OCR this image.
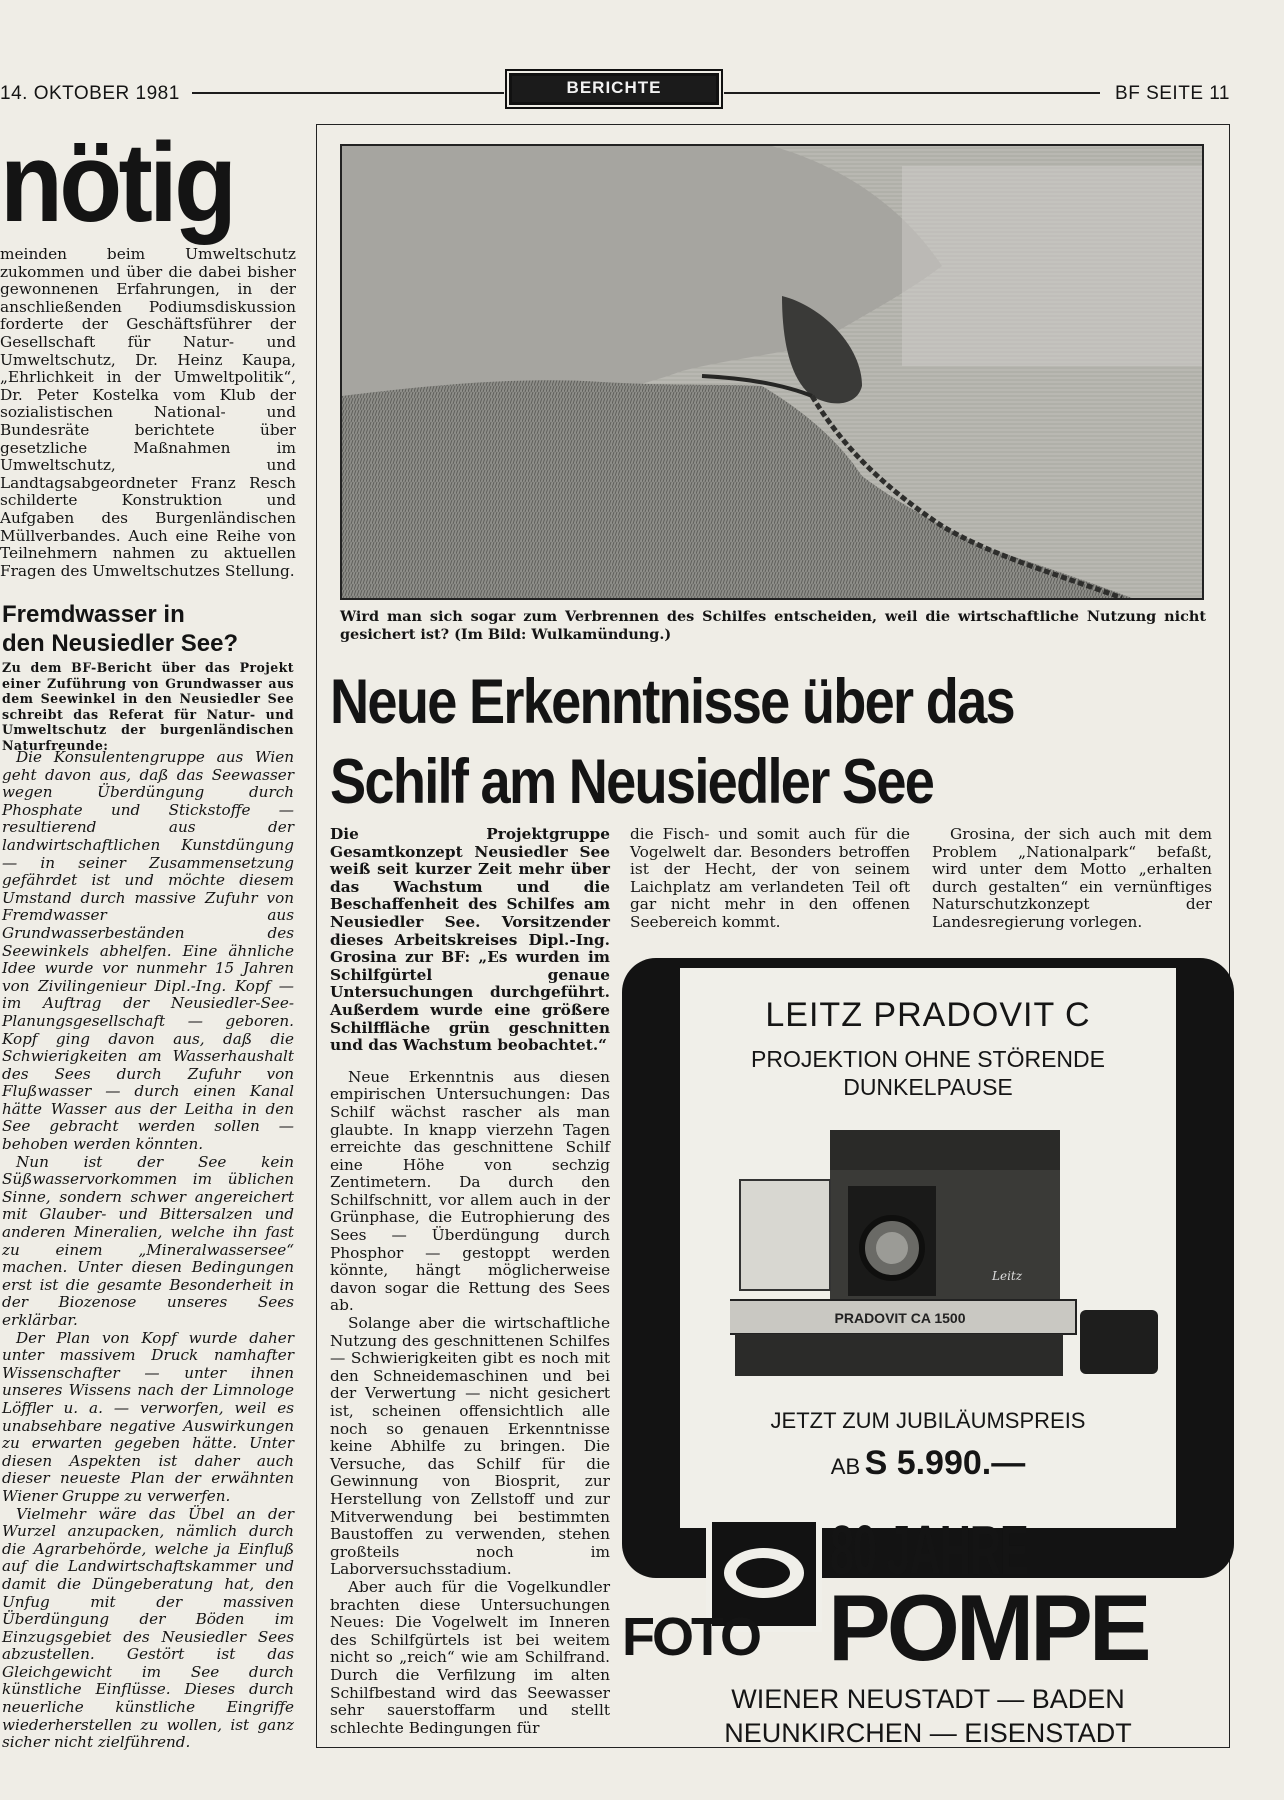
14. OKTOBER 1981	BERICHTE	BF SEITE 11
nötig

meinden beim Umweltschutz zukommen und über die dabei bisher gewonnenen Erfahrungen, in der anschließenden Podiumsdiskussion forderte der Geschäftsführer der Gesellschaft für Natur- und Umweltschutz, Dr. Heinz Kaupa, „Ehrlichkeit in der Umweltpolitik“, Dr. Peter Kostelka vom Klub der sozialistischen National- und Bundesräte berichtete über gesetzliche Maßnahmen im Umweltschutz, und Landtagsabgeordneter Franz Resch schilderte Konstruktion und Aufgaben des Burgenländischen Müllverbandes. Auch eine Reihe von Teilnehmern nahmen zu aktuellen Fragen des Umweltschutzes Stellung.

Fremdwasser in
den Neusiedler See?
Zu dem BF-Bericht über das Projekt einer Zuführung von Grundwasser aus dem Seewinkel in den Neusiedler See schreibt das Referat für Natur- und Umweltschutz der burgenländischen Naturfreunde:

Die Konsulentengruppe aus Wien geht davon aus, daß das Seewasser wegen Überdüngung durch Phosphate und Stickstoffe — resultierend aus der landwirtschaftlichen Kunstdüngung — in seiner Zusammensetzung gefährdet ist und möchte diesem Umstand durch massive Zufuhr von Fremdwasser aus Grundwasserbeständen des Seewinkels abhelfen. Eine ähnliche Idee wurde vor nunmehr 15 Jahren von Zivilingenieur Dipl.-Ing. Kopf — im Auftrag der Neusiedler-See-Planungsgesellschaft — geboren. Kopf ging davon aus, daß die Schwierigkeiten am Wasserhaushalt des Sees durch Zufuhr von Flußwasser — durch einen Kanal hätte Wasser aus der Leitha in den See gebracht werden sollen — behoben werden könnten.

Nun ist der See kein Süßwasservorkommen im üblichen Sinne, sondern schwer angereichert mit Glauber- und Bittersalzen und anderen Mineralien, welche ihn fast zu einem „Mineralwassersee“ machen. Unter diesen Bedingungen erst ist die gesamte Besonderheit in der Biozenose unseres Sees erklärbar.

Der Plan von Kopf wurde daher unter massivem Druck namhafter Wissenschafter — unter ihnen unseres Wissens nach der Limnologe Löffler u. a. — verworfen, weil es unabsehbare negative Auswirkungen zu erwarten gegeben hätte. Unter diesen Aspekten ist daher auch dieser neueste Plan der erwähnten Wiener Gruppe zu verwerfen.

Vielmehr wäre das Übel an der Wurzel anzupacken, nämlich durch die Agrarbehörde, welche ja Einfluß auf die Landwirtschaftskammer und damit die Düngeberatung hat, den Unfug mit der massiven Überdüngung der Böden im Einzugsgebiet des Neusiedler Sees abzustellen. Gestört ist das Gleichgewicht im See durch künstliche Einflüsse. Dieses durch neuerliche künstliche Eingriffe wiederherstellen zu wollen, ist ganz sicher nicht zielführend.

Wird man sich sogar zum Verbrennen des Schilfes entscheiden, weil die wirtschaftliche Nutzung nicht gesichert ist? (Im Bild: Wulkamündung.)
Neue Erkenntnisse über das
Schilf am Neusiedler See

Die Projektgruppe Gesamtkonzept Neusiedler See weiß seit kurzer Zeit mehr über das Wachstum und die Beschaffenheit des Schilfes am Neusiedler See. Vorsitzender dieses Arbeitskreises Dipl.-Ing. Grosina zur BF: „Es wurden im Schilfgürtel genaue Untersuchungen durchgeführt. Außerdem wurde eine größere Schilffläche grün geschnitten und das Wachstum beobachtet.“

Neue Erkenntnis aus diesen empirischen Untersuchungen: Das Schilf wächst rascher als man glaubte. In knapp vierzehn Tagen erreichte das geschnittene Schilf eine Höhe von sechzig Zentimetern. Da durch den Schilfschnitt, vor allem auch in der Grünphase, die Eutrophierung des Sees — Überdüngung durch Phosphor — gestoppt werden könnte, hängt möglicherweise davon sogar die Rettung des Sees ab.

Solange aber die wirtschaftliche Nutzung des geschnittenen Schilfes — Schwierigkeiten gibt es noch mit den Schneidemaschinen und bei der Verwertung — nicht gesichert ist, scheinen offensichtlich alle noch so genauen Erkenntnisse keine Abhilfe zu bringen. Die Versuche, das Schilf für die Gewinnung von Biosprit, zur Herstellung von Zellstoff und zur Mitverwendung bei bestimmten Baustoffen zu verwenden, stehen großteils noch im Laborversuchsstadium.

Aber auch für die Vogelkundler brachten diese Untersuchungen Neues: Die Vogelwelt im Inneren des Schilfgürtels ist bei weitem nicht so „reich“ wie am Schilfrand. Durch die Verfilzung im alten Schilfbestand wird das Seewasser sehr sauerstoffarm und stellt schlechte Bedingungen für

die Fisch- und somit auch für die Vogelwelt dar. Besonders betroffen ist der Hecht, der von seinem Laichplatz am verlandeten Teil oft gar nicht mehr in den offenen Seebereich kommt.

Grosina, der sich auch mit dem Problem „Nationalpark“ befaßt, wird unter dem Motto „erhalten durch gestalten“ ein vernünftiges Naturschutzkonzept der Landesregierung vorlegen.

LEITZ PRADOVIT C
PROJEKTION OHNE STÖRENDE
DUNKELPAUSE
PRADOVIT CA 1500
Leitz
JETZT ZUM JUBILÄUMSPREIS
AB S 5.990.—
80 JAHRE
FOTO POMPE
WIENER NEUSTADT — BADEN
NEUNKIRCHEN — EISENSTADT
